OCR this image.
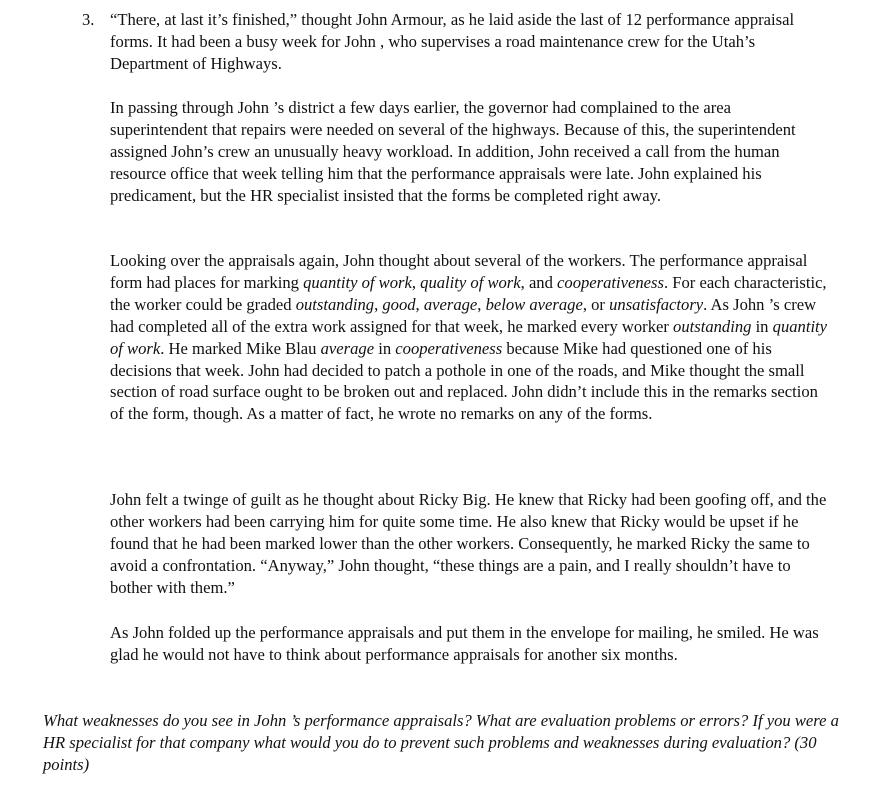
3. “There, at last it’s finished,” thought John Armour, as he laid aside the last of 12 performance appraisal forms. It had been a busy week for John , who supervises a road maintenance crew for the Utah’s Department of Highways.

In passing through John ’s district a few days earlier, the governor had complained to the area superintendent that repairs were needed on several of the highways. Because of this, the superintendent assigned John’s crew an unusually heavy workload. In addition, John received a call from the human resource office that week telling him that the performance appraisals were late. John explained his predicament, but the HR specialist insisted that the forms be completed right away.

Looking over the appraisals again, John thought about several of the workers. The performance appraisal form had places for marking quantity of work, quality of work, and cooperativeness. For each characteristic, the worker could be graded outstanding, good, average, below average, or unsatisfactory. As John ’s crew had completed all of the extra work assigned for that week, he marked every worker outstanding in quantity of work. He marked Mike Blau average in cooperativeness because Mike had questioned one of his decisions that week. John had decided to patch a pothole in one of the roads, and Mike thought the small section of road surface ought to be broken out and replaced. John didn’t include this in the remarks section of the form, though. As a matter of fact, he wrote no remarks on any of the forms.

John felt a twinge of guilt as he thought about Ricky Big. He knew that Ricky had been goofing off, and the other workers had been carrying him for quite some time. He also knew that Ricky would be upset if he found that he had been marked lower than the other workers. Consequently, he marked Ricky the same to avoid a confrontation. “Anyway,” John thought, “these things are a pain, and I really shouldn’t have to bother with them.”

As John folded up the performance appraisals and put them in the envelope for mailing, he smiled. He was glad he would not have to think about performance appraisals for another six months.

What weaknesses do you see in John ’s performance appraisals? What are evaluation problems or errors? If you were a HR specialist for that company what would you do to prevent such problems and weaknesses during evaluation? (30 points)
